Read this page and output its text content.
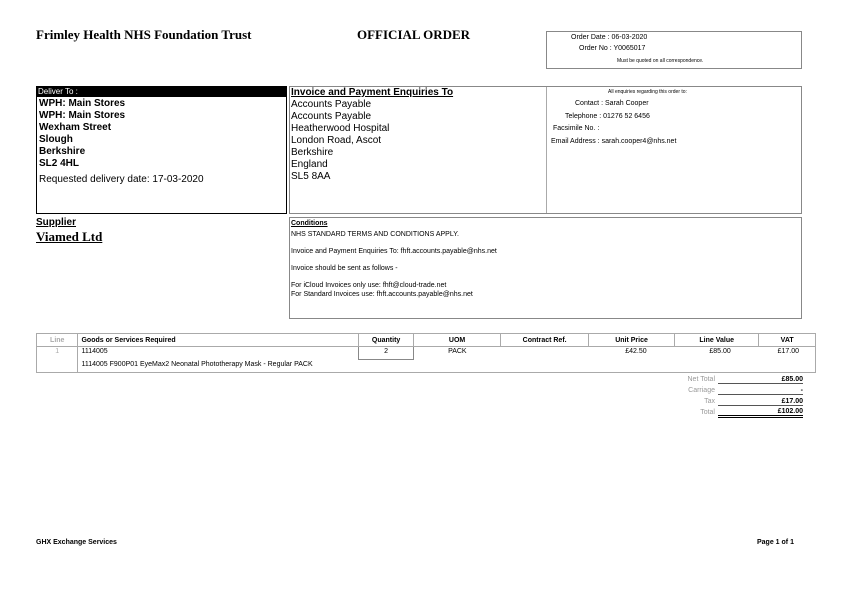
Frimley Health NHS Foundation Trust	OFFICIAL ORDER	Order Date : 06-03-2020
Order No : Y0065017
Must be quoted on all correspondence.
Deliver To :
WPH: Main Stores
WPH: Main Stores
Wexham Street
Slough
Berkshire
SL2 4HL
Requested delivery date: 17-03-2020
Invoice and Payment Enquiries To
Accounts Payable
Accounts Payable
Heatherwood Hospital
London Road, Ascot
Berkshire
England
SL5 8AA
All enquiries regarding this order to:
Contact : Sarah Cooper
Telephone : 01276 52 6456
Facsimile No. :
Email Address : sarah.cooper4@nhs.net
Supplier
Viamed Ltd
Conditions
NHS STANDARD TERMS AND CONDITIONS APPLY.
Invoice and Payment Enquiries To: fhft.accounts.payable@nhs.net
Invoice should be sent as follows -
For iCloud Invoices only use: fhft@cloud-trade.net
For Standard Invoices use: fhft.accounts.payable@nhs.net
Line	Goods or Services Required	Quantity	UOM	Contract Ref.	Unit Price	Line Value	VAT
1	1114005	2	PACK		£42.50	£85.00	£17.00
	1114005 F900P01 EyeMax2 Neonatal Phototherapy Mask - Regular PACK						
Net Total	£85.00
Carriage	-
Tax	£17.00
Total	£102.00
GHX Exchange Services	Page 1 of 1
